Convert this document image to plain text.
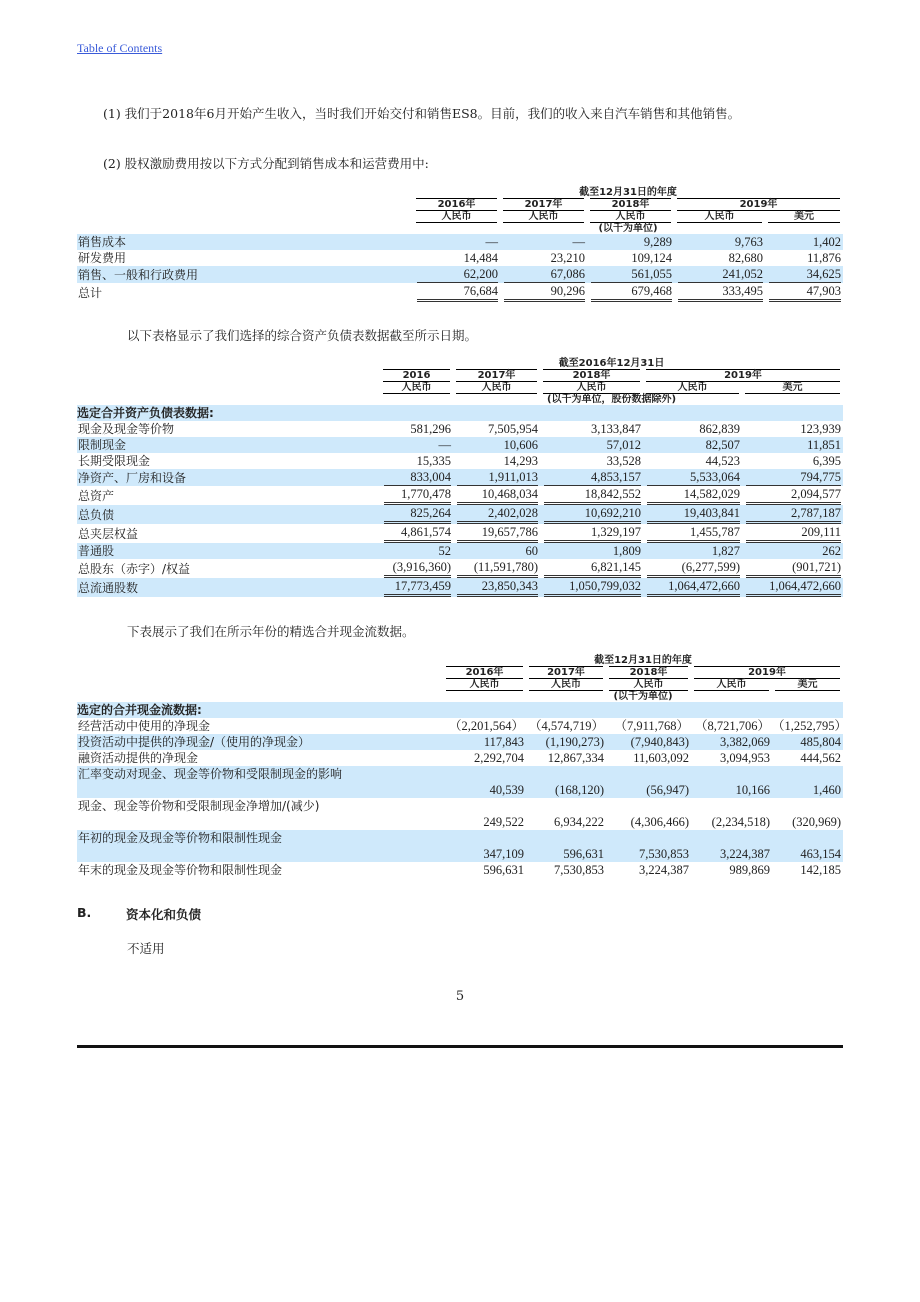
Table of Contents
(1) 我们于2018年6月开始产生收入，当时我们开始交付和销售ES8。目前，我们的收入来自汽车销售和其他销售。
(2) 股权激励费用按以下方式分配到销售成本和运营费用中:
	截至12月31日的年度				

	2016年	2017年	2018年	2019年	

	人民币	人民币	人民币	人民币	美元

	(以千为单位)				
销售成本	—	—	9,289	9,763	1,402
研发费用	14,484	23,210	109,124	82,680	11,876
销售、一般和行政费用	62,200	67,086	561,055	241,052	34,625

总计	76,684	90,296	679,468	333,495	47,903
以下表格显示了我们选择的综合资产负债表数据截至所示日期。
	截至2016年12月31日				

	2016	2017年	2018年	2019年	

	人民币	人民币	人民币	人民币	美元

	(以千为单位，股份数据除外)				
选定合并资产负债表数据:					
现金及现金等价物	581,296	7,505,954	3,133,847	862,839	123,939
限制现金	—	10,606	57,012	82,507	11,851
长期受限现金	15,335	14,293	33,528	44,523	6,395
净资产、厂房和设备	833,004	1,911,013	4,853,157	5,533,064	794,775

总资产	1,770,478	10,468,034	18,842,552	14,582,029	2,094,577

总负债	825,264	2,402,028	10,692,210	19,403,841	2,787,187

总夹层权益	4,861,574	19,657,786	1,329,197	1,455,787	209,111

普通股	52	60	1,809	1,827	262
总股东（赤字）/权益	(3,916,360)	(11,591,780)	6,821,145	(6,277,599)	(901,721)

总流通股数	17,773,459	23,850,343	1,050,799,032	1,064,472,660	1,064,472,660
下表展示了我们在所示年份的精选合并现金流数据。
	截至12月31日的年度				

	2016年	2017年	2018年	2019年	

	人民币	人民币	人民币	人民币	美元

	(以千为单位)				
选定的合并现金流数据:					
经营活动中使用的净现金	（2,201,564）	（4,574,719）	（7,911,768）	（8,721,706）	（1,252,795）
投资活动中提供的净现金/（使用的净现金）	117,843	(1,190,273)	(7,940,843)	3,382,069	485,804
融资活动提供的净现金	2,292,704	12,867,334	11,603,092	3,094,953	444,562
汇率变动对现金、现金等价物和受限制现金的影响	40,539	(168,120)	(56,947)	10,166	1,460
现金、现金等价物和受限制现金净增加/(减少)	249,522	6,934,222	(4,306,466)	(2,234,518)	(320,969)
年初的现金及现金等价物和限制性现金	347,109	596,631	7,530,853	3,224,387	463,154
年末的现金及现金等价物和限制性现金	596,631	7,530,853	3,224,387	989,869	142,185
B.	资本化和负债
不适用
5
